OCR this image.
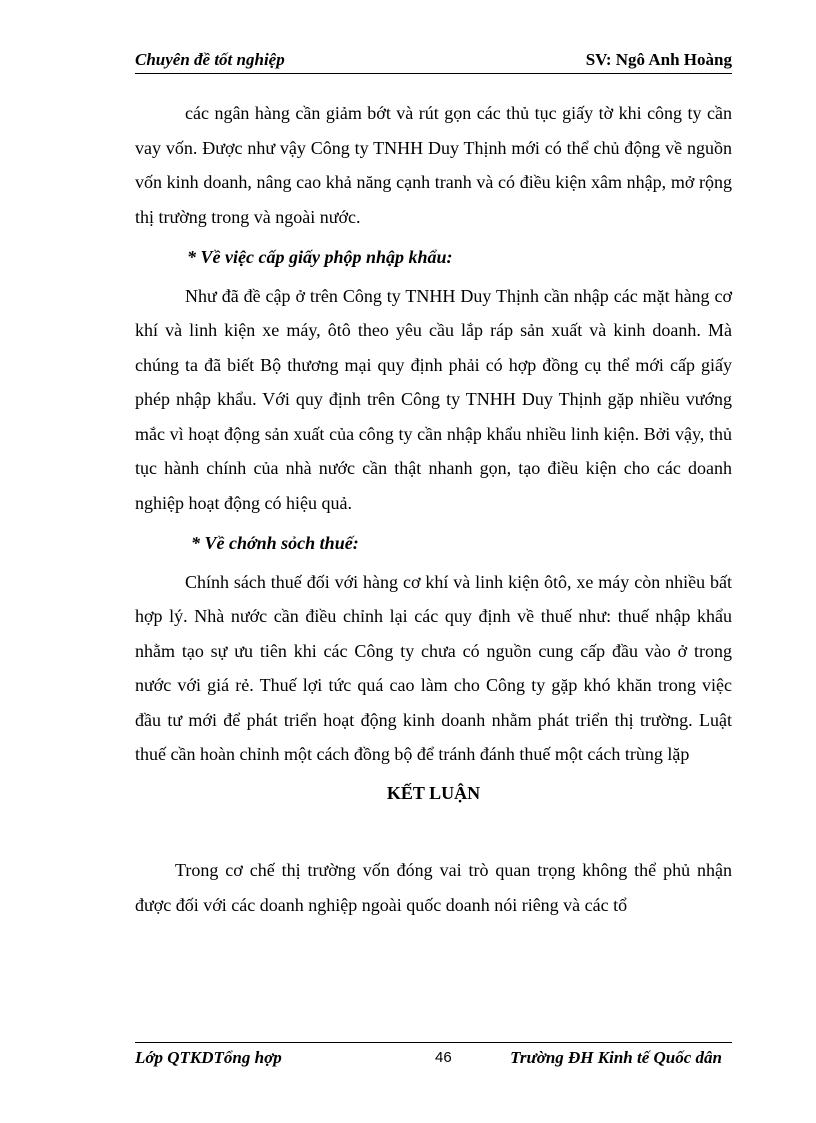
Chuyên đề tốt nghiệp	SV: Ngô Anh Hoàng

các ngân hàng cần giảm bớt và rút gọn các thủ tục giấy tờ khi công ty cần vay vốn. Được như vậy Công ty TNHH Duy Thịnh mới có thể chủ động về nguồn vốn kinh doanh, nâng cao khả năng cạnh tranh và có điều kiện xâm nhập, mở rộng thị trường trong và ngoài nước.

* Về việc cấp giấy phộp nhập khẩu:

Như đã đề cập ở trên Công ty TNHH Duy Thịnh cần nhập các mặt hàng cơ khí và linh kiện xe máy, ôtô theo yêu cầu lắp ráp sản xuất và kinh doanh. Mà chúng ta đã biết Bộ thương mại quy định phải có hợp đồng cụ thể mới cấp giấy phép nhập khẩu. Với quy định trên Công ty TNHH Duy Thịnh gặp nhiều vướng mắc vì hoạt động sản xuất của công ty cần nhập khẩu nhiều linh kiện. Bởi vậy, thủ tục hành chính của nhà nước cần thật nhanh gọn, tạo điều kiện cho các doanh nghiệp hoạt động có hiệu quả.

* Về chớnh sỏch thuế:

Chính sách thuế đối với hàng cơ khí và linh kiện ôtô, xe máy còn nhiều bất hợp lý. Nhà nước cần điều chỉnh lại các quy định về thuế như: thuế nhập khẩu nhằm tạo sự ưu tiên khi các Công ty chưa có nguồn cung cấp đầu vào ở trong nước với giá rẻ. Thuế lợi tức quá cao làm cho Công ty gặp khó khăn trong việc đầu tư mới để phát triển hoạt động kinh doanh nhằm phát triển thị trường. Luật thuế cần hoàn chỉnh một cách đồng bộ để tránh đánh thuế một cách trùng lặp

KẾT LUẬN

Trong cơ chế thị trường vốn đóng vai trò quan trọng không thể phủ nhận được đối với các doanh nghiệp ngoài quốc doanh nói riêng và các tổ

Lớp QTKDTổng hợp	46	Trường ĐH Kinh tế Quốc dân
